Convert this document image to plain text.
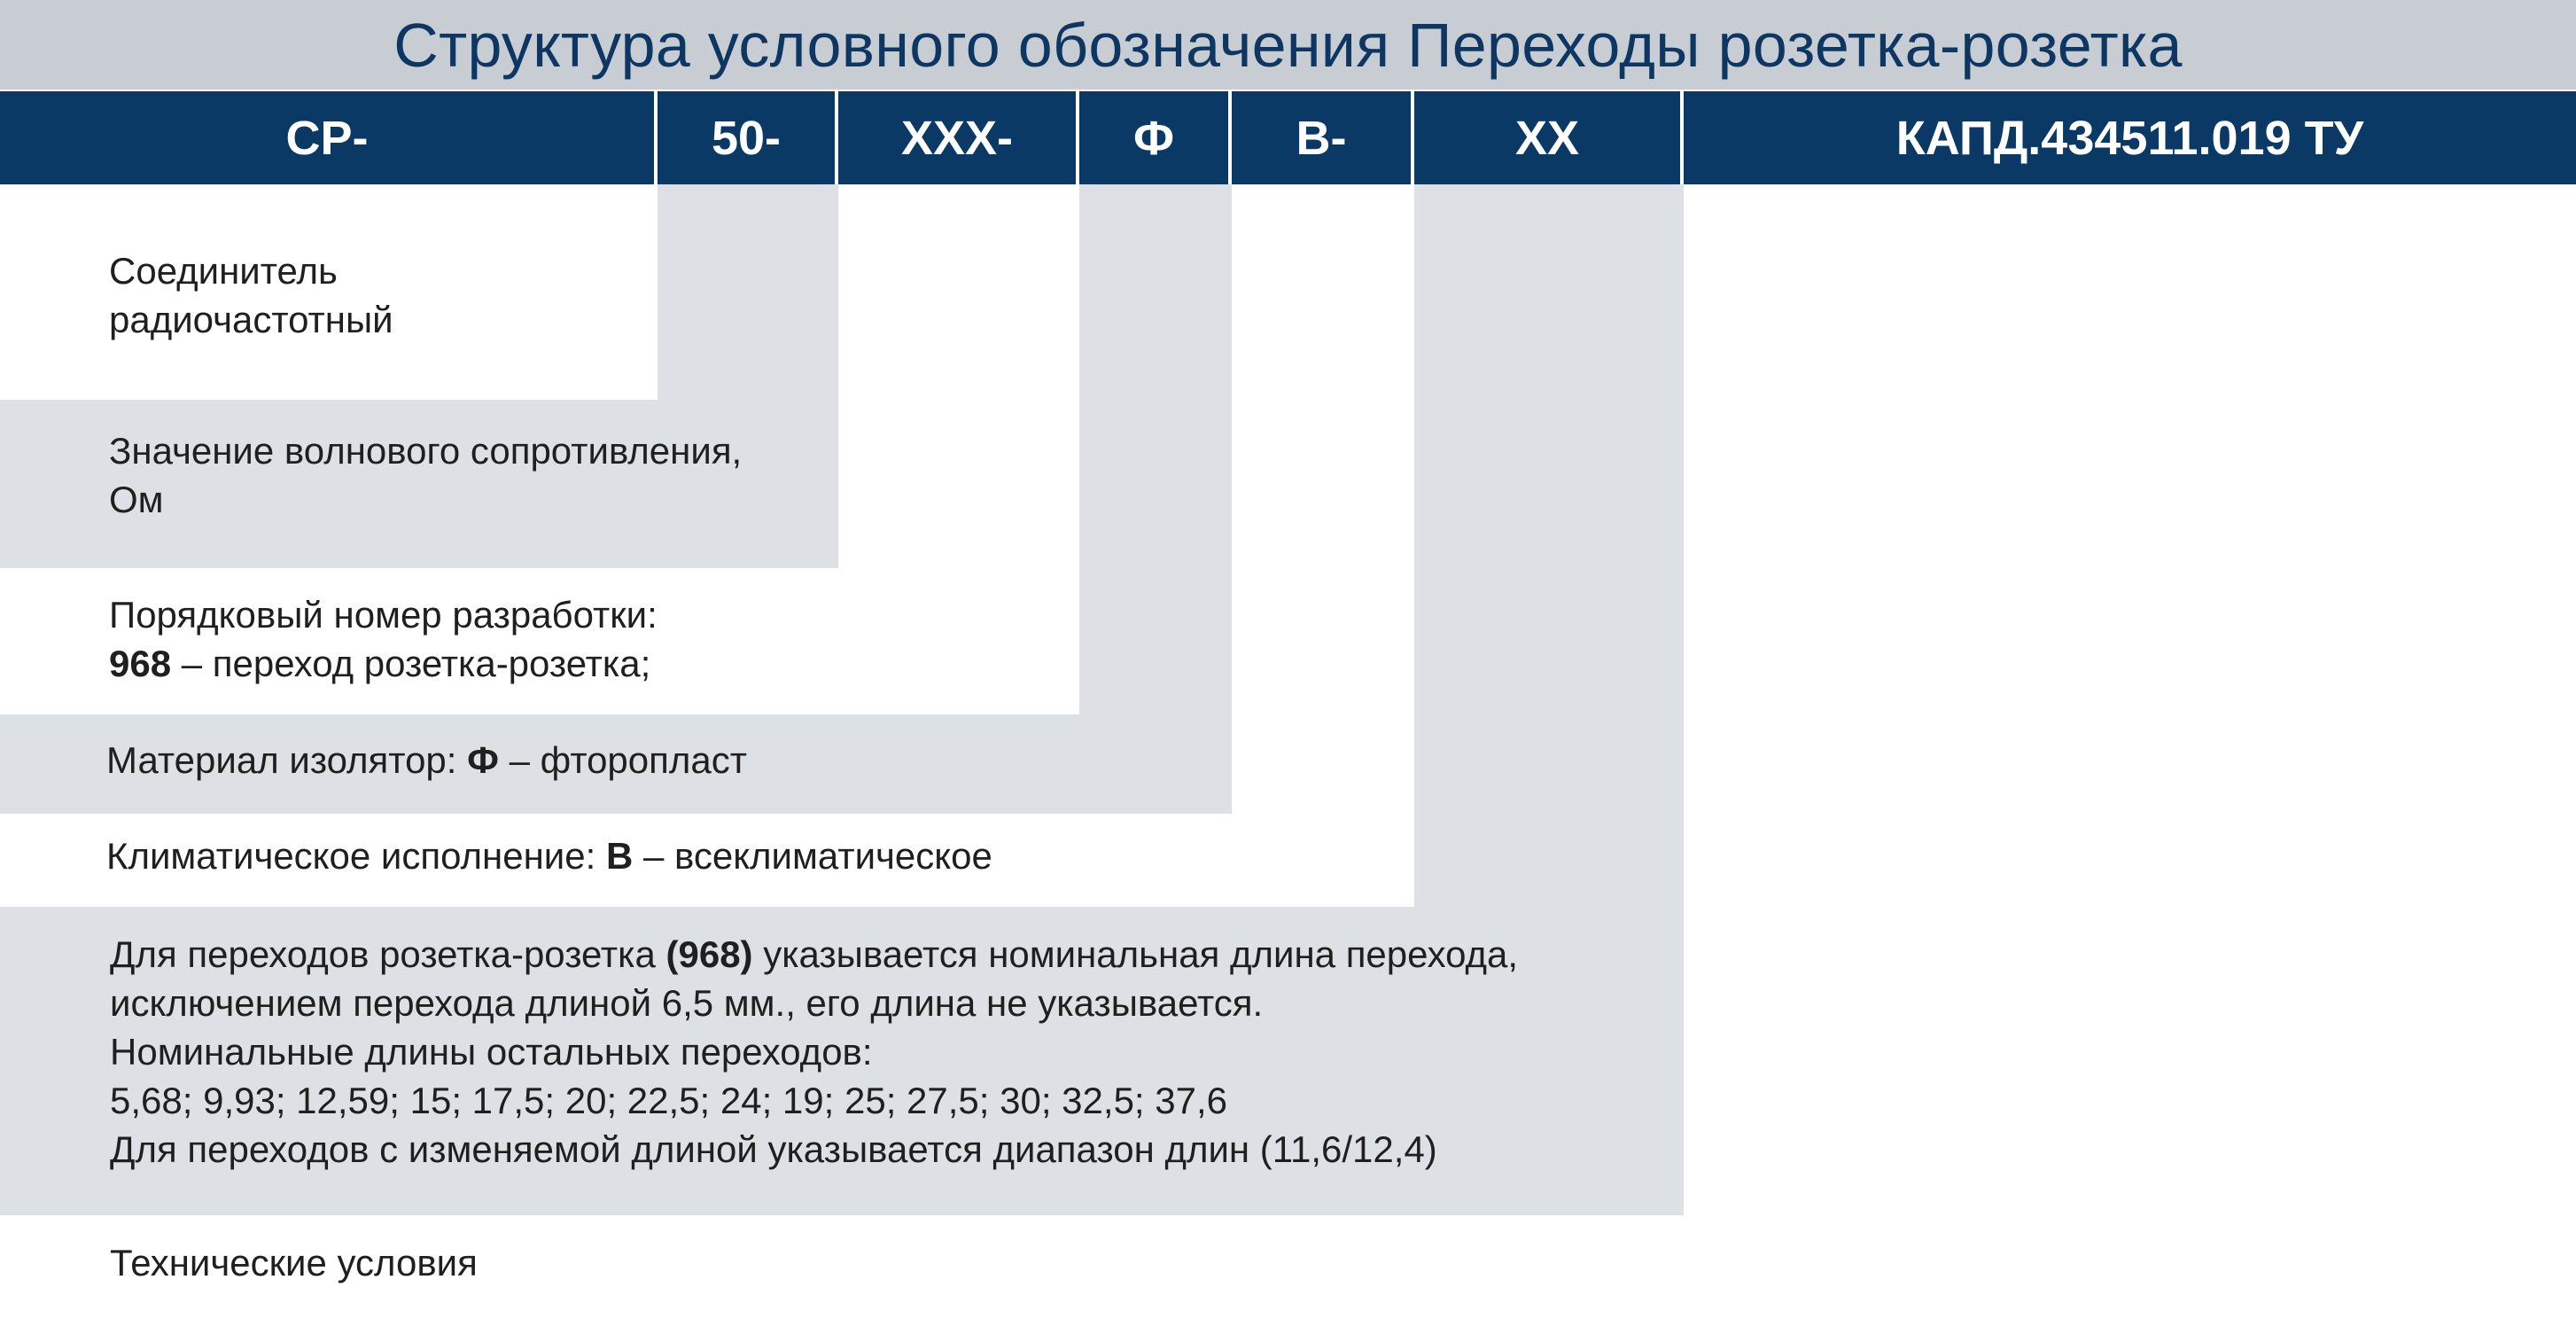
Структура условного обозначения Переходы розетка-розетка
СР-	50-	ХХХ-	Ф	В-	ХХ	КАПД.434511.019 ТУ
Соединитель
радиочастотный
Значение волнового сопротивления,
Ом
Порядковый номер разработки:
968 – переход розетка-розетка;
Материал изолятор: Ф – фторопласт
Климатическое исполнение: В – всеклиматическое
Для переходов розетка-розетка (968) указывается номинальная длина перехода,
исключением перехода длиной 6,5 мм., его длина не указывается.
Номинальные длины остальных переходов:
5,68; 9,93; 12,59; 15; 17,5; 20; 22,5; 24; 19; 25; 27,5; 30; 32,5; 37,6
Для переходов с изменяемой длиной указывается диапазон длин (11,6/12,4)
Технические условия
